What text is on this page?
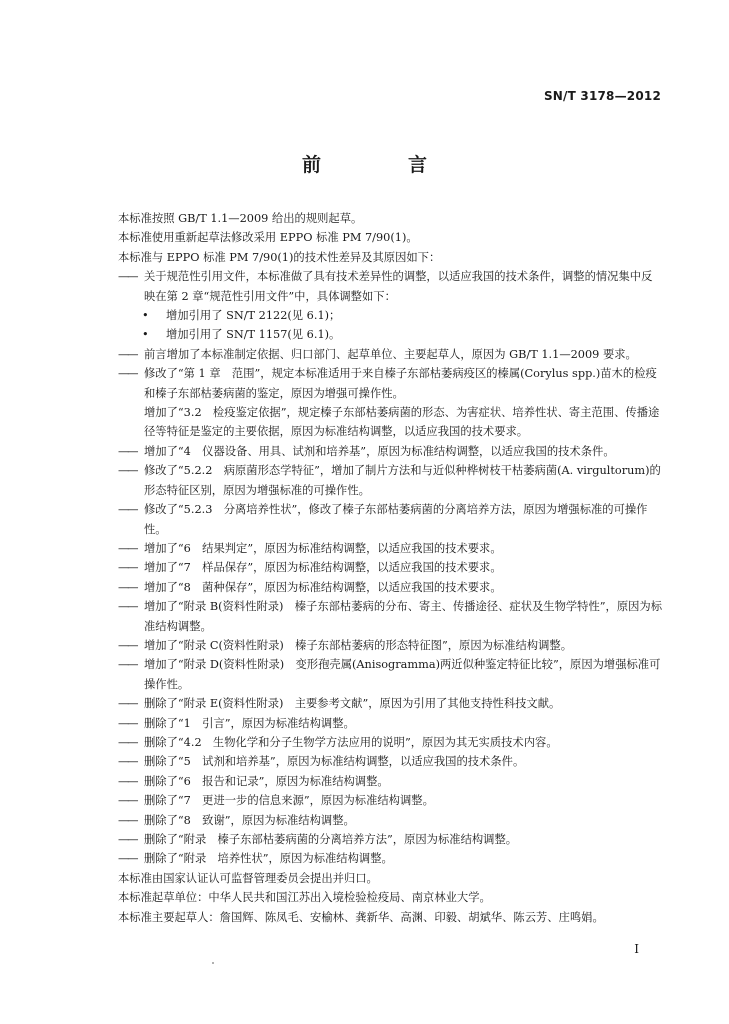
SN/T 3178—2012
前　言

本标准按照 GB/T 1.1—2009 给出的规则起草。

本标准使用重新起草法修改采用 EPPO 标准 PM 7/90(1)。

本标准与 EPPO 标准 PM 7/90(1)的技术性差异及其原因如下：

—— 关于规范性引用文件，本标准做了具有技术差异性的调整，以适应我国的技术条件，调整的情况集中反映在第 2 章“规范性引用文件”中，具体调整如下：
• 增加引用了 SN/T 2122(见 6.1)；
• 增加引用了 SN/T 1157(见 6.1)。
—— 前言增加了本标准制定依据、归口部门、起草单位、主要起草人，原因为 GB/T 1.1—2009 要求。
—— 修改了“第 1 章　范围”，规定本标准适用于来自榛子东部枯萎病疫区的榛属(Corylus spp.)苗木的检疫和榛子东部枯萎病菌的鉴定，原因为增强可操作性。
增加了“3.2　检疫鉴定依据”，规定榛子东部枯萎病菌的形态、为害症状、培养性状、寄主范围、传播途径等特征是鉴定的主要依据，原因为标准结构调整，以适应我国的技术要求。
—— 增加了“4　仪器设备、用具、试剂和培养基”，原因为标准结构调整，以适应我国的技术条件。
—— 修改了“5.2.2　病原菌形态学特征”，增加了制片方法和与近似种桦树枝干枯萎病菌(A. virgultorum)的形态特征区别，原因为增强标准的可操作性。
—— 修改了“5.2.3　分离培养性状”，修改了榛子东部枯萎病菌的分离培养方法，原因为增强标准的可操作性。
—— 增加了“6　结果判定”，原因为标准结构调整，以适应我国的技术要求。
—— 增加了“7　样品保存”，原因为标准结构调整，以适应我国的技术要求。
—— 增加了“8　菌种保存”，原因为标准结构调整，以适应我国的技术要求。
—— 增加了“附录 B(资料性附录)　榛子东部枯萎病的分布、寄主、传播途径、症状及生物学特性”，原因为标准结构调整。
—— 增加了“附录 C(资料性附录)　榛子东部枯萎病的形态特征图”，原因为标准结构调整。
—— 增加了“附录 D(资料性附录)　变形孢壳属(Anisogramma)两近似种鉴定特征比较”，原因为增强标准可操作性。
—— 删除了“附录 E(资料性附录)　主要参考文献”，原因为引用了其他支持性科技文献。
—— 删除了“1　引言”，原因为标准结构调整。
—— 删除了“4.2　生物化学和分子生物学方法应用的说明”，原因为其无实质技术内容。
—— 删除了“5　试剂和培养基”，原因为标准结构调整，以适应我国的技术条件。
—— 删除了“6　报告和记录”，原因为标准结构调整。
—— 删除了“7　更进一步的信息来源”，原因为标准结构调整。
—— 删除了“8　致谢”，原因为标准结构调整。
—— 删除了“附录　榛子东部枯萎病菌的分离培养方法”，原因为标准结构调整。
—— 删除了“附录　培养性状”，原因为标准结构调整。

本标准由国家认证认可监督管理委员会提出并归口。

本标准起草单位：中华人民共和国江苏出入境检验检疫局、南京林业大学。

本标准主要起草人：詹国辉、陈凤毛、安榆林、龚新华、高渊、印毅、胡斌华、陈云芳、庄鸣娟。

I
